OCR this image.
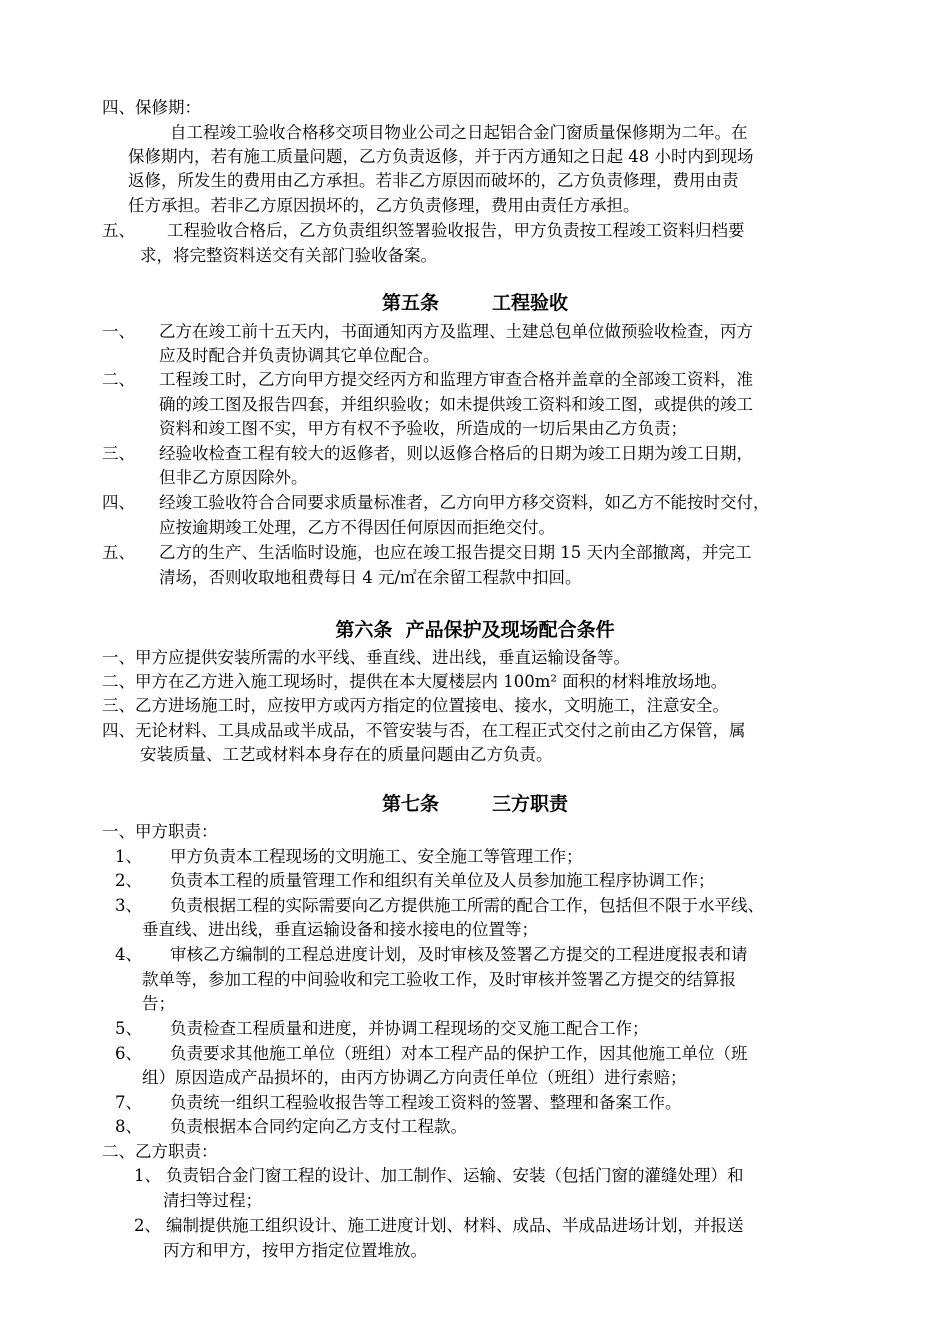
四、保修期：
自工程竣工验收合格移交项目物业公司之日起铝合金门窗质量保修期为二年。在
保修期内，若有施工质量问题，乙方负责返修，并于丙方通知之日起 48 小时内到现场
返修，所发生的费用由乙方承担。若非乙方原因而破坏的，乙方负责修理，费用由责
任方承担。若非乙方原因损坏的，乙方负责修理，费用由责任方承担。
五、 工程验收合格后，乙方负责组织签署验收报告，甲方负责按工程竣工资料归档要
求，将完整资料送交有关部门验收备案。
第五条        工程验收
一、 乙方在竣工前十五天内，书面通知丙方及监理、土建总包单位做预验收检查，丙方
应及时配合并负责协调其它单位配合。
二、 工程竣工时，乙方向甲方提交经丙方和监理方审查合格并盖章的全部竣工资料，准
确的竣工图及报告四套，并组织验收；如未提供竣工资料和竣工图，或提供的竣工
资料和竣工图不实，甲方有权不予验收，所造成的一切后果由乙方负责；
三、 经验收检查工程有较大的返修者，则以返修合格后的日期为竣工日期为竣工日期，
但非乙方原因除外。
四、 经竣工验收符合合同要求质量标准者，乙方向甲方移交资料，如乙方不能按时交付，
应按逾期竣工处理，乙方不得因任何原因而拒绝交付。
五、 乙方的生产、生活临时设施，也应在竣工报告提交日期 15 天内全部撤离，并完工
清场，否则收取地租费每日 4 元/㎡在余留工程款中扣回。
第六条  产品保护及现场配合条件
一、甲方应提供安装所需的水平线、垂直线、进出线，垂直运输设备等。
二、甲方在乙方进入施工现场时，提供在本大厦楼层内 100m² 面积的材料堆放场地。
三、乙方进场施工时，应按甲方或丙方指定的位置接电、接水，文明施工，注意安全。
四、无论材料、工具成品或半成品，不管安装与否，在工程正式交付之前由乙方保管，属
安装质量、工艺或材料本身存在的质量问题由乙方负责。
第七条        三方职责
一、甲方职责：
1、 甲方负责本工程现场的文明施工、安全施工等管理工作；
2、 负责本工程的质量管理工作和组织有关单位及人员参加施工程序协调工作；
3、 负责根据工程的实际需要向乙方提供施工所需的配合工作，包括但不限于水平线、
垂直线、进出线，垂直运输设备和接水接电的位置等；
4、 审核乙方编制的工程总进度计划，及时审核及签署乙方提交的工程进度报表和请
款单等，参加工程的中间验收和完工验收工作，及时审核并签署乙方提交的结算报
告；
5、 负责检查工程质量和进度，并协调工程现场的交叉施工配合工作；
6、 负责要求其他施工单位（班组）对本工程产品的保护工作，因其他施工单位（班
组）原因造成产品损坏的，由丙方协调乙方向责任单位（班组）进行索赔；
7、 负责统一组织工程验收报告等工程竣工资料的签署、整理和备案工作。
8、 负责根据本合同约定向乙方支付工程款。
二、乙方职责：
1、 负责铝合金门窗工程的设计、加工制作、运输、安装（包括门窗的灌缝处理）和
清扫等过程；
2、 编制提供施工组织设计、施工进度计划、材料、成品、半成品进场计划，并报送
丙方和甲方，按甲方指定位置堆放。
